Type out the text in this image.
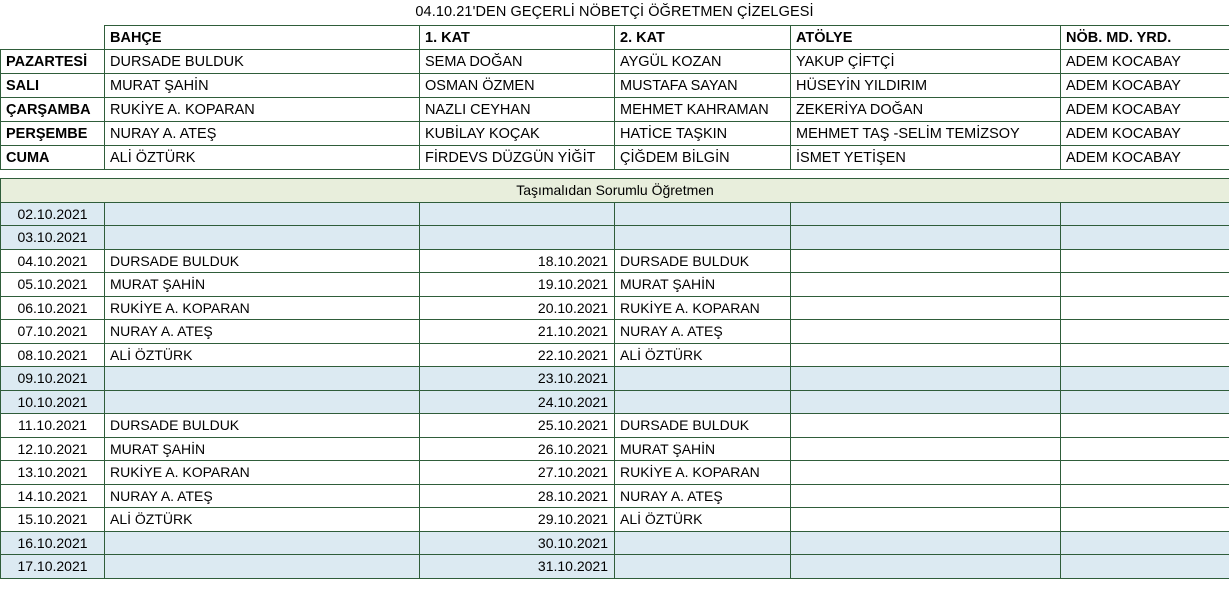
04.10.21'DEN GEÇERLİ NÖBETÇİ ÖĞRETMEN ÇİZELGESİ
	BAHÇE	1. KAT	2. KAT	ATÖLYE	NÖB. MD. YRD.
PAZARTESİ	DURSADE BULDUK	SEMA DOĞAN	AYGÜL KOZAN	YAKUP ÇİFTÇİ	ADEM KOCABAY
SALI	MURAT ŞAHİN	OSMAN ÖZMEN	MUSTAFA SAYAN	HÜSEYİN YILDIRIM	ADEM KOCABAY
ÇARŞAMBA	RUKİYE A. KOPARAN	NAZLI CEYHAN	MEHMET KAHRAMAN	ZEKERİYA DOĞAN	ADEM KOCABAY
PERŞEMBE	NURAY A. ATEŞ	KUBİLAY KOÇAK	HATİCE TAŞKIN	MEHMET TAŞ -SELİM TEMİZSOY	ADEM KOCABAY
CUMA	ALİ ÖZTÜRK	FİRDEVS DÜZGÜN YİĞİT	ÇİĞDEM BİLGİN	İSMET YETİŞEN	ADEM KOCABAY
Taşımalıdan Sorumlu Öğretmen					
02.10.2021					
03.10.2021					
04.10.2021	DURSADE BULDUK	18.10.2021	DURSADE BULDUK		
05.10.2021	MURAT ŞAHİN	19.10.2021	MURAT ŞAHİN		
06.10.2021	RUKİYE A. KOPARAN	20.10.2021	RUKİYE A. KOPARAN		
07.10.2021	NURAY A. ATEŞ	21.10.2021	NURAY A. ATEŞ		
08.10.2021	ALİ ÖZTÜRK	22.10.2021	ALİ ÖZTÜRK		
09.10.2021		23.10.2021			
10.10.2021		24.10.2021			
11.10.2021	DURSADE BULDUK	25.10.2021	DURSADE BULDUK		
12.10.2021	MURAT ŞAHİN	26.10.2021	MURAT ŞAHİN		
13.10.2021	RUKİYE A. KOPARAN	27.10.2021	RUKİYE A. KOPARAN		
14.10.2021	NURAY A. ATEŞ	28.10.2021	NURAY A. ATEŞ		
15.10.2021	ALİ ÖZTÜRK	29.10.2021	ALİ ÖZTÜRK		
16.10.2021		30.10.2021			
17.10.2021		31.10.2021			
